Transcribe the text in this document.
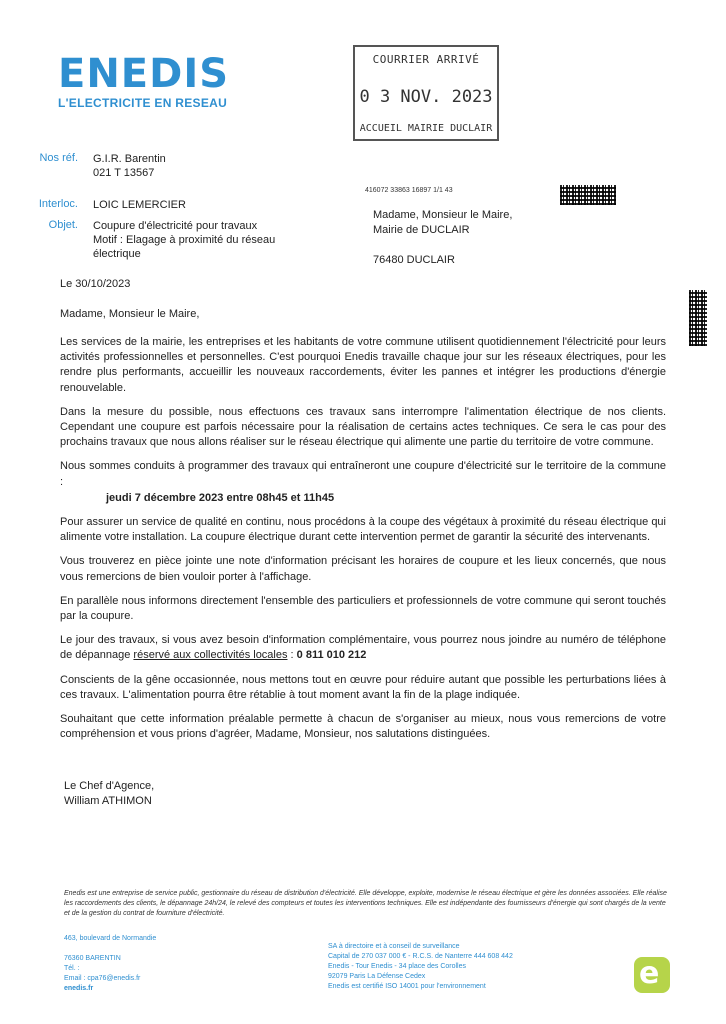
ENEDIS
L'ELECTRICITE EN RESEAU
COURRIER ARRIVÉ
0 3 NOV. 2023
ACCUEIL MAIRIE DUCLAIR
Nos réf. G.I.R. Barentin
021 T 13567
Interloc. LOIC LEMERCIER
Objet. Coupure d'électricité pour travaux
Motif : Elagage à proximité du réseau
électrique
416072 33863 16897 1/1 43
Madame, Monsieur le Maire,
Mairie de DUCLAIR
76480 DUCLAIR
Le 30/10/2023
Madame, Monsieur le Maire,

Les services de la mairie, les entreprises et les habitants de votre commune utilisent quotidiennement l'électricité pour leurs activités professionnelles et personnelles. C'est pourquoi Enedis travaille chaque jour sur les réseaux électriques, pour les rendre plus performants, accueillir les nouveaux raccordements, éviter les pannes et intégrer les productions d'énergie renouvelable.

Dans la mesure du possible, nous effectuons ces travaux sans interrompre l'alimentation électrique de nos clients. Cependant une coupure est parfois nécessaire pour la réalisation de certains actes techniques. Ce sera le cas pour des prochains travaux que nous allons réaliser sur le réseau électrique qui alimente une partie du territoire de votre commune.

Nous sommes conduits à programmer des travaux qui entraîneront une coupure d'électricité sur le territoire de la commune :

jeudi 7 décembre 2023 entre 08h45 et 11h45

Pour assurer un service de qualité en continu, nous procédons à la coupe des végétaux à proximité du réseau électrique qui alimente votre installation. La coupure électrique durant cette intervention permet de garantir la sécurité des intervenants.

Vous trouverez en pièce jointe une note d'information précisant les horaires de coupure et les lieux concernés, que nous vous remercions de bien vouloir porter à l'affichage.

En parallèle nous informons directement l'ensemble des particuliers et professionnels de votre commune qui seront touchés par la coupure.

Le jour des travaux, si vous avez besoin d'information complémentaire, vous pourrez nous joindre au numéro de téléphone de dépannage réservé aux collectivités locales : 0 811 010 212

Conscients de la gêne occasionnée, nous mettons tout en œuvre pour réduire autant que possible les perturbations liées à ces travaux. L'alimentation pourra être rétablie à tout moment avant la fin de la plage indiquée.

Souhaitant que cette information préalable permette à chacun de s'organiser au mieux, nous vous remercions de votre compréhension et vous prions d'agréer, Madame, Monsieur, nos salutations distinguées.

Le Chef d'Agence,
William ATHIMON
Enedis est une entreprise de service public, gestionnaire du réseau de distribution d'électricité. Elle développe, exploite, modernise le réseau électrique et gère les données associées. Elle réalise les raccordements des clients, le dépannage 24h/24, le relevé des compteurs et toutes les interventions techniques. Elle est indépendante des fournisseurs d'énergie qui sont chargés de la vente et de la gestion du contrat de fourniture d'électricité.
463, boulevard de Normandie
76360 BARENTIN
Tél. :
Email : cpa76@enedis.fr
enedis.fr
SA à directoire et à conseil de surveillance
Capital de 270 037 000 € - R.C.S. de Nanterre 444 608 442
Enedis - Tour Enedis - 34 place des Corolles
92079 Paris La Défense Cedex
Enedis est certifié ISO 14001 pour l'environnement	e
